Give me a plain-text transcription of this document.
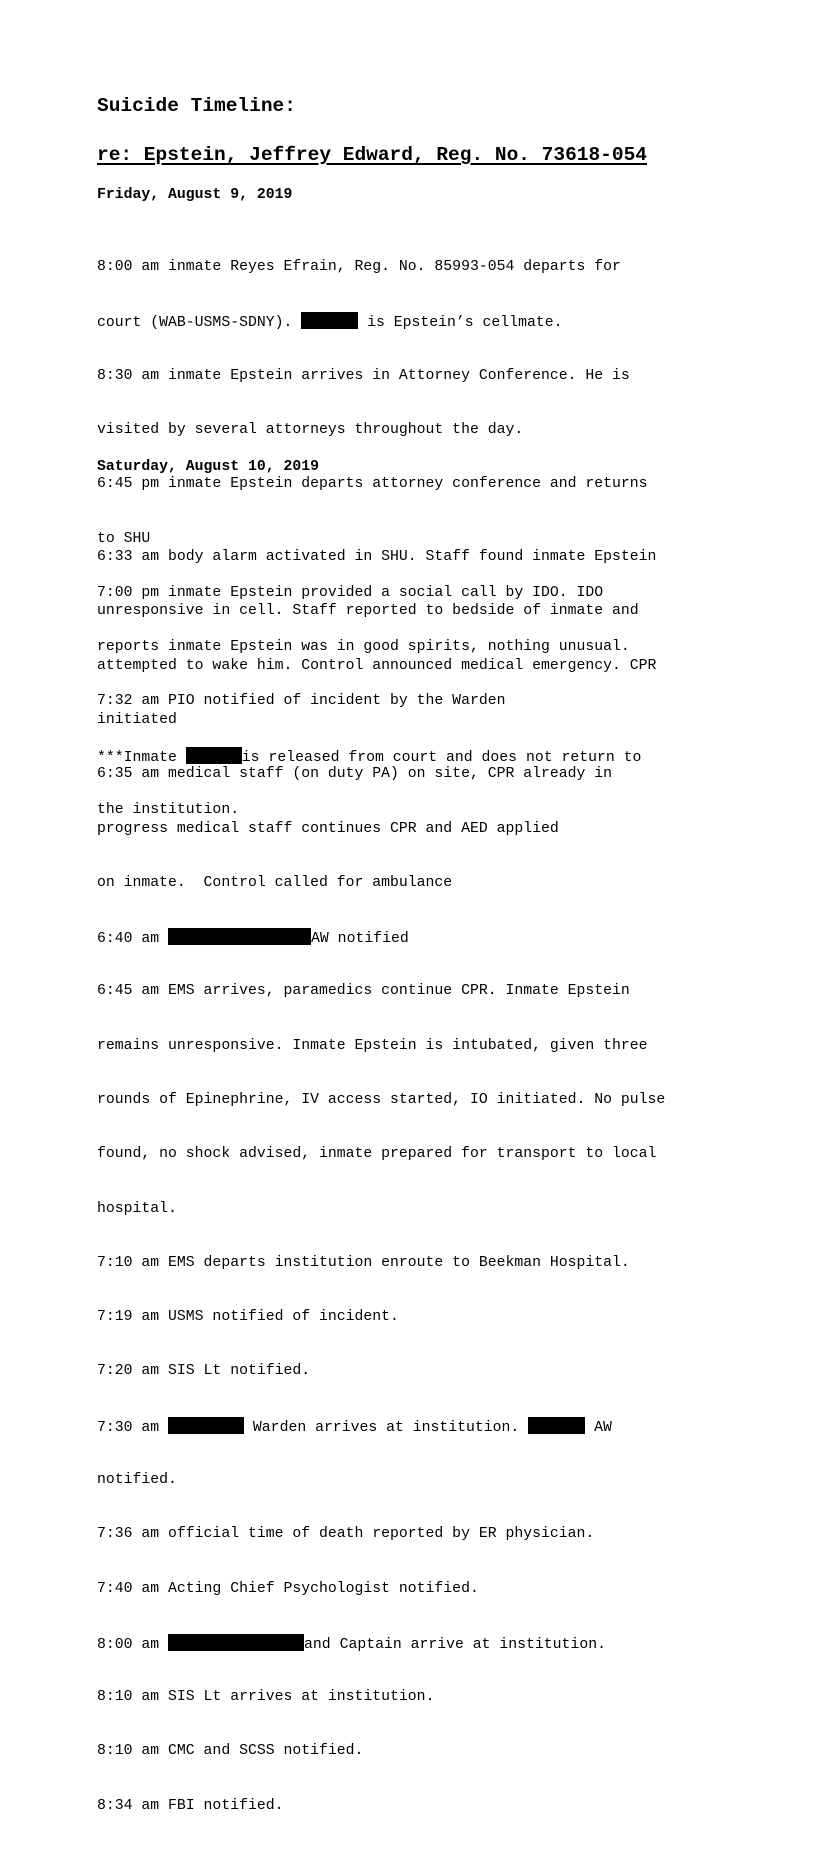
Suicide Timeline:
re: Epstein, Jeffrey Edward, Reg. No. 73618-054
Friday, August 9, 2019

8:00 am inmate Reyes Efrain, Reg. No. 85993-054 departs for

court (WAB-USMS-SDNY).	is Epstein’s cellmate.

8:30 am inmate Epstein arrives in Attorney Conference. He is

visited by several attorneys throughout the day.

6:45 pm inmate Epstein departs attorney conference and returns

to SHU

7:00 pm inmate Epstein provided a social call by IDO. IDO

reports inmate Epstein was in good spirits, nothing unusual.

7:32 am PIO notified of incident by the Warden

***Inmate	is released from court and does not return to

the institution.

Saturday, August 10, 2019

6:33 am body alarm activated in SHU. Staff found inmate Epstein

unresponsive in cell. Staff reported to bedside of inmate and

attempted to wake him. Control announced medical emergency. CPR

initiated

6:35 am medical staff (on duty PA) on site, CPR already in

progress medical staff continues CPR and AED applied

on inmate.  Control called for ambulance

6:40 am	AW notified

6:45 am EMS arrives, paramedics continue CPR. Inmate Epstein

remains unresponsive. Inmate Epstein is intubated, given three

rounds of Epinephrine, IV access started, IO initiated. No pulse

found, no shock advised, inmate prepared for transport to local

hospital.

7:10 am EMS departs institution enroute to Beekman Hospital.

7:19 am USMS notified of incident.

7:20 am SIS Lt notified.

7:30 am	Warden arrives at institution.	AW

notified.

7:36 am official time of death reported by ER physician.

7:40 am Acting Chief Psychologist notified.

8:00 am	and Captain arrive at institution.

8:10 am SIS Lt arrives at institution.

8:10 am CMC and SCSS notified.

8:34 am FBI notified.
